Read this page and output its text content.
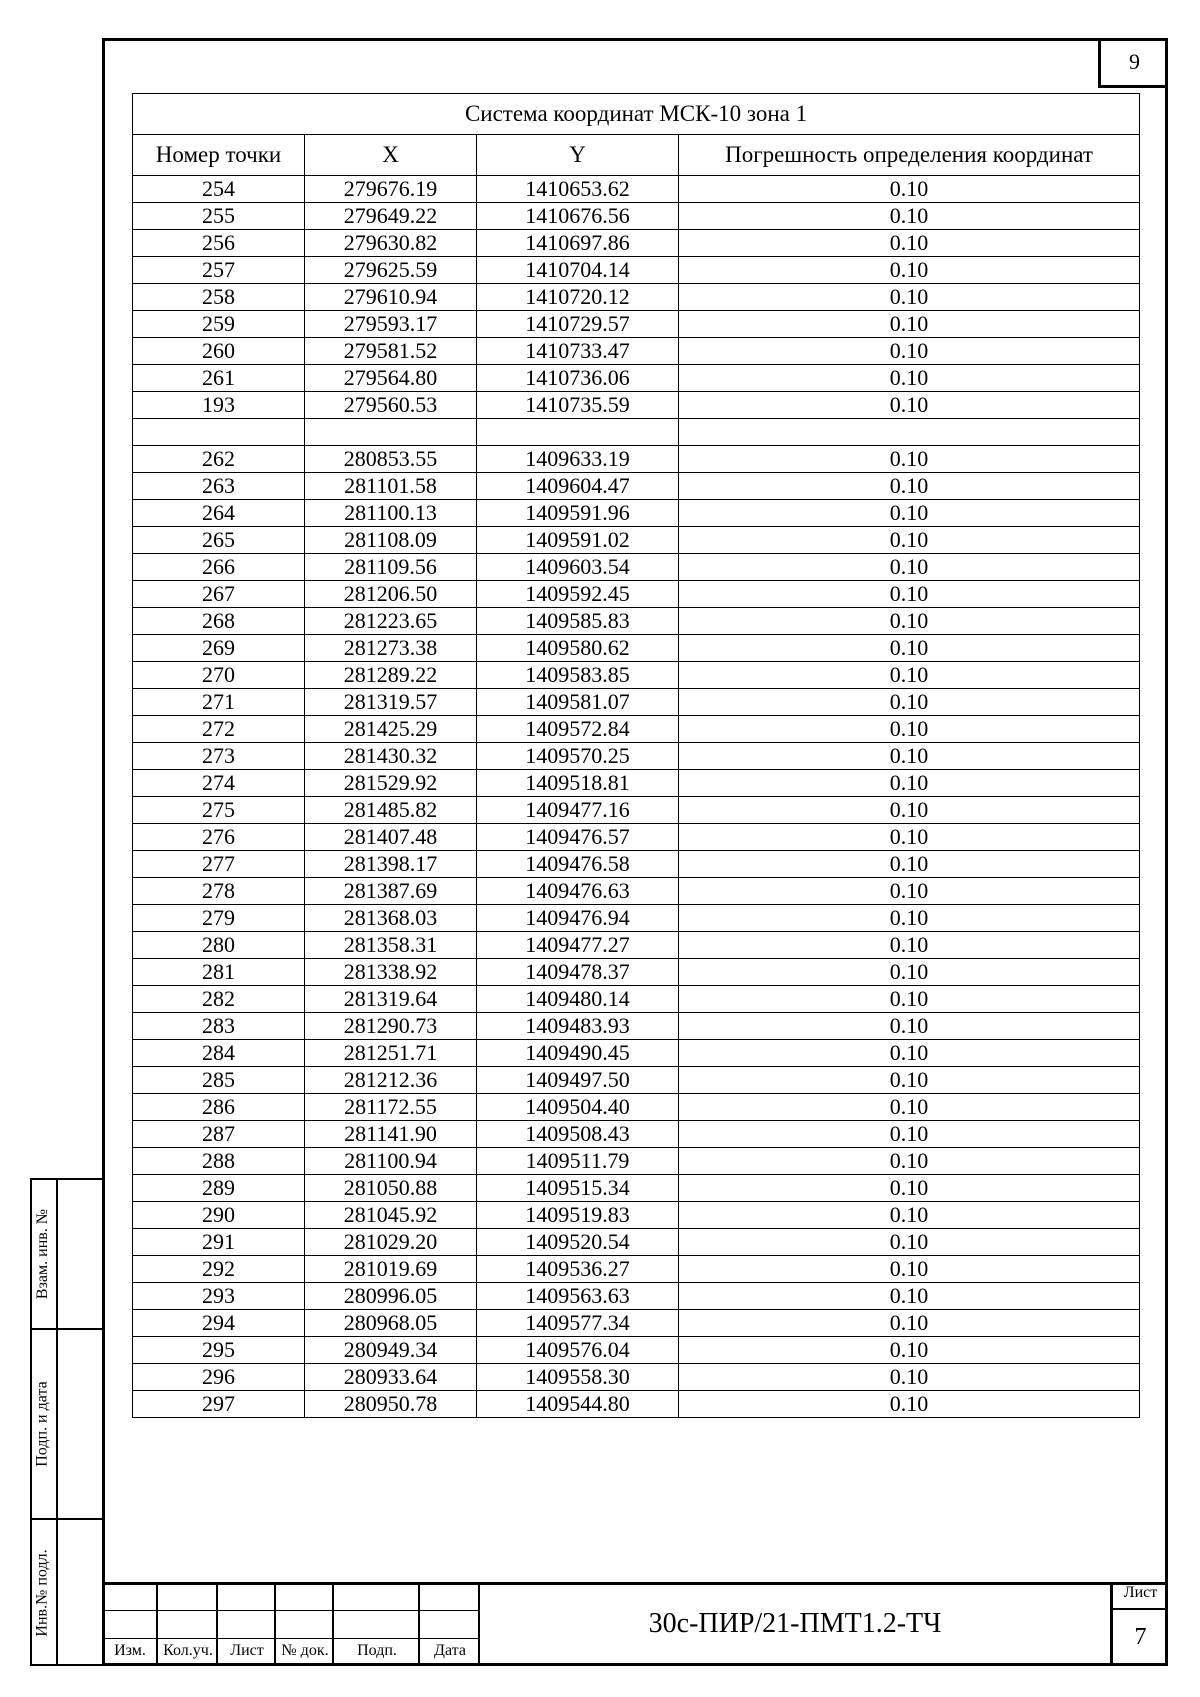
9
Система координат МСК-10 зона 1			
Номер точки	X	Y	Погрешность определения координат
254	279676.19	1410653.62	0.10
255	279649.22	1410676.56	0.10
256	279630.82	1410697.86	0.10
257	279625.59	1410704.14	0.10
258	279610.94	1410720.12	0.10
259	279593.17	1410729.57	0.10
260	279581.52	1410733.47	0.10
261	279564.80	1410736.06	0.10
193	279560.53	1410735.59	0.10

262	280853.55	1409633.19	0.10
263	281101.58	1409604.47	0.10
264	281100.13	1409591.96	0.10
265	281108.09	1409591.02	0.10
266	281109.56	1409603.54	0.10
267	281206.50	1409592.45	0.10
268	281223.65	1409585.83	0.10
269	281273.38	1409580.62	0.10
270	281289.22	1409583.85	0.10
271	281319.57	1409581.07	0.10
272	281425.29	1409572.84	0.10
273	281430.32	1409570.25	0.10
274	281529.92	1409518.81	0.10
275	281485.82	1409477.16	0.10
276	281407.48	1409476.57	0.10
277	281398.17	1409476.58	0.10
278	281387.69	1409476.63	0.10
279	281368.03	1409476.94	0.10
280	281358.31	1409477.27	0.10
281	281338.92	1409478.37	0.10
282	281319.64	1409480.14	0.10
283	281290.73	1409483.93	0.10
284	281251.71	1409490.45	0.10
285	281212.36	1409497.50	0.10
286	281172.55	1409504.40	0.10
287	281141.90	1409508.43	0.10
288	281100.94	1409511.79	0.10
289	281050.88	1409515.34	0.10
290	281045.92	1409519.83	0.10
291	281029.20	1409520.54	0.10
292	281019.69	1409536.27	0.10
293	280996.05	1409563.63	0.10
294	280968.05	1409577.34	0.10
295	280949.34	1409576.04	0.10
296	280933.64	1409558.30	0.10
297	280950.78	1409544.80	0.10
Взам. инв. №
Подп. и дата
Инв.№ подл.
Изм.	Кол.уч.	Лист	№ док.	Подп.	Дата
30с-ПИР/21-ПМТ1.2-ТЧ
Лист
7
